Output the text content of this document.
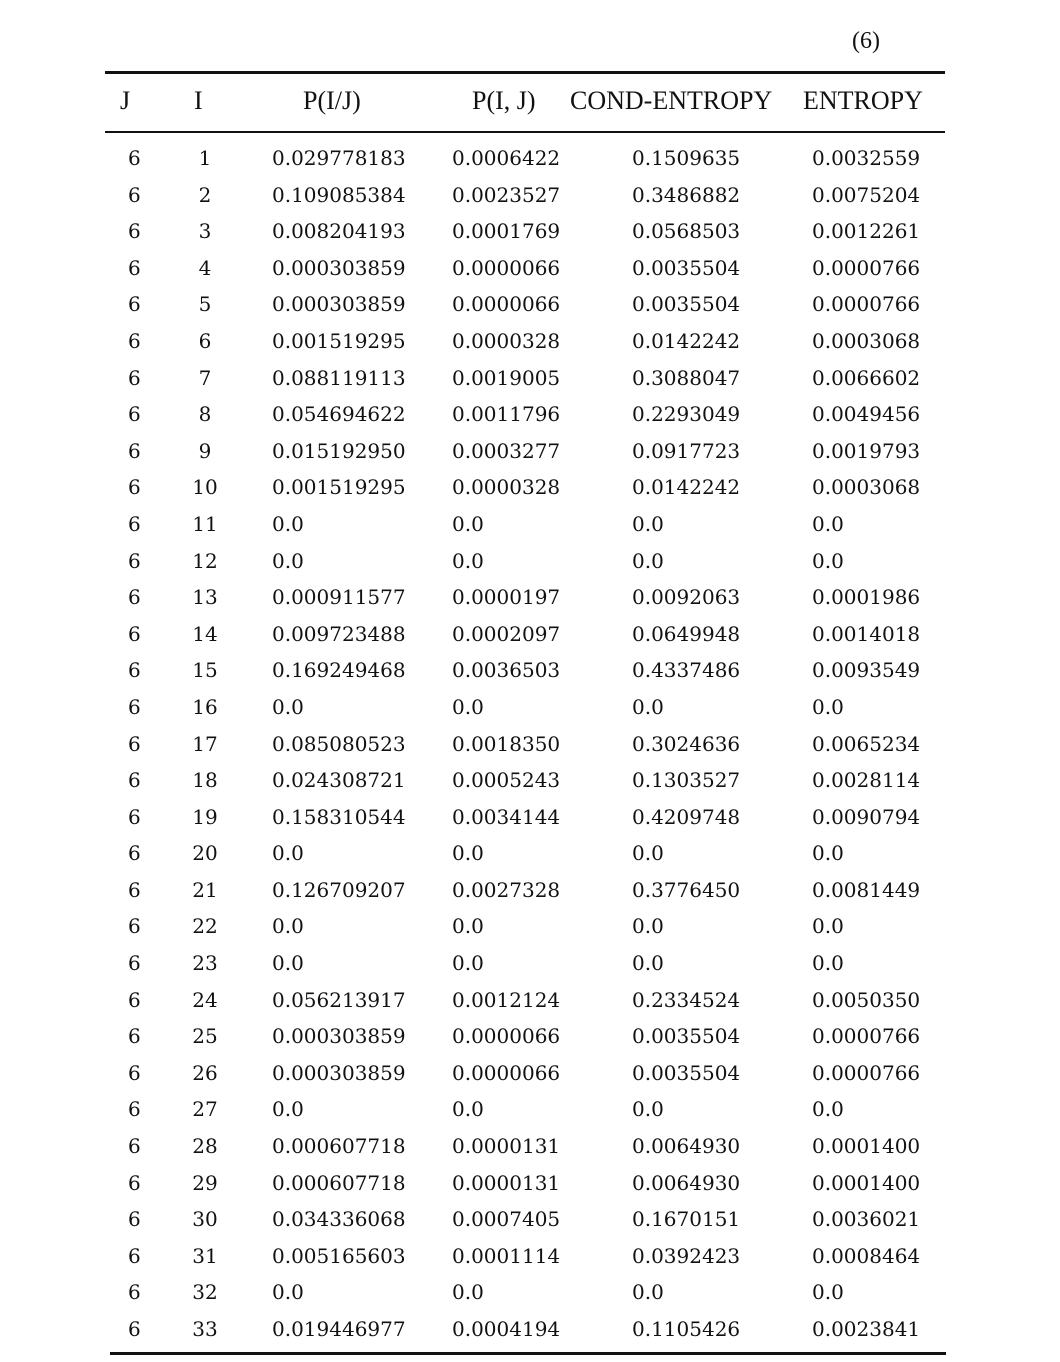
(6)
J I	P(I/J)	P(I, J) COND-ENTROPY ENTROPY
6	1	0.029778183 0.0006422	0.1509635	0.0032559
6	2	0.109085384 0.0023527	0.3486882	0.0075204
6	3	0.008204193 0.0001769	0.0568503	0.0012261
6	4	0.000303859 0.0000066	0.0035504	0.0000766
6	5	0.000303859 0.0000066	0.0035504	0.0000766
6	6	0.001519295 0.0000328	0.0142242	0.0003068
6	7	0.088119113 0.0019005	0.3088047	0.0066602
6	8	0.054694622 0.0011796	0.2293049	0.0049456
6	9	0.015192950 0.0003277	0.0917723	0.0019793
6	10	0.001519295 0.0000328	0.0142242	0.0003068
6	11	0.0	0.0	0.0	0.0
6	12	0.0	0.0	0.0	0.0
6	13	0.000911577 0.0000197	0.0092063	0.0001986
6	14	0.009723488 0.0002097	0.0649948	0.0014018
6	15	0.169249468 0.0036503	0.4337486	0.0093549
6	16	0.0	0.0	0.0	0.0
6	17	0.085080523 0.0018350	0.3024636	0.0065234
6	18	0.024308721 0.0005243	0.1303527	0.0028114
6	19	0.158310544 0.0034144	0.4209748	0.0090794
6	20	0.0	0.0	0.0	0.0
6	21	0.126709207 0.0027328	0.3776450	0.0081449
6	22	0.0	0.0	0.0	0.0
6	23	0.0	0.0	0.0	0.0
6	24	0.056213917 0.0012124	0.2334524	0.0050350
6	25	0.000303859 0.0000066	0.0035504	0.0000766
6	26	0.000303859 0.0000066	0.0035504	0.0000766
6	27	0.0	0.0	0.0	0.0
6	28	0.000607718 0.0000131	0.0064930	0.0001400
6	29	0.000607718 0.0000131	0.0064930	0.0001400
6	30	0.034336068 0.0007405	0.1670151	0.0036021
6	31	0.005165603 0.0001114	0.0392423	0.0008464
6	32	0.0	0.0	0.0	0.0
6	33	0.019446977 0.0004194	0.1105426	0.0023841
